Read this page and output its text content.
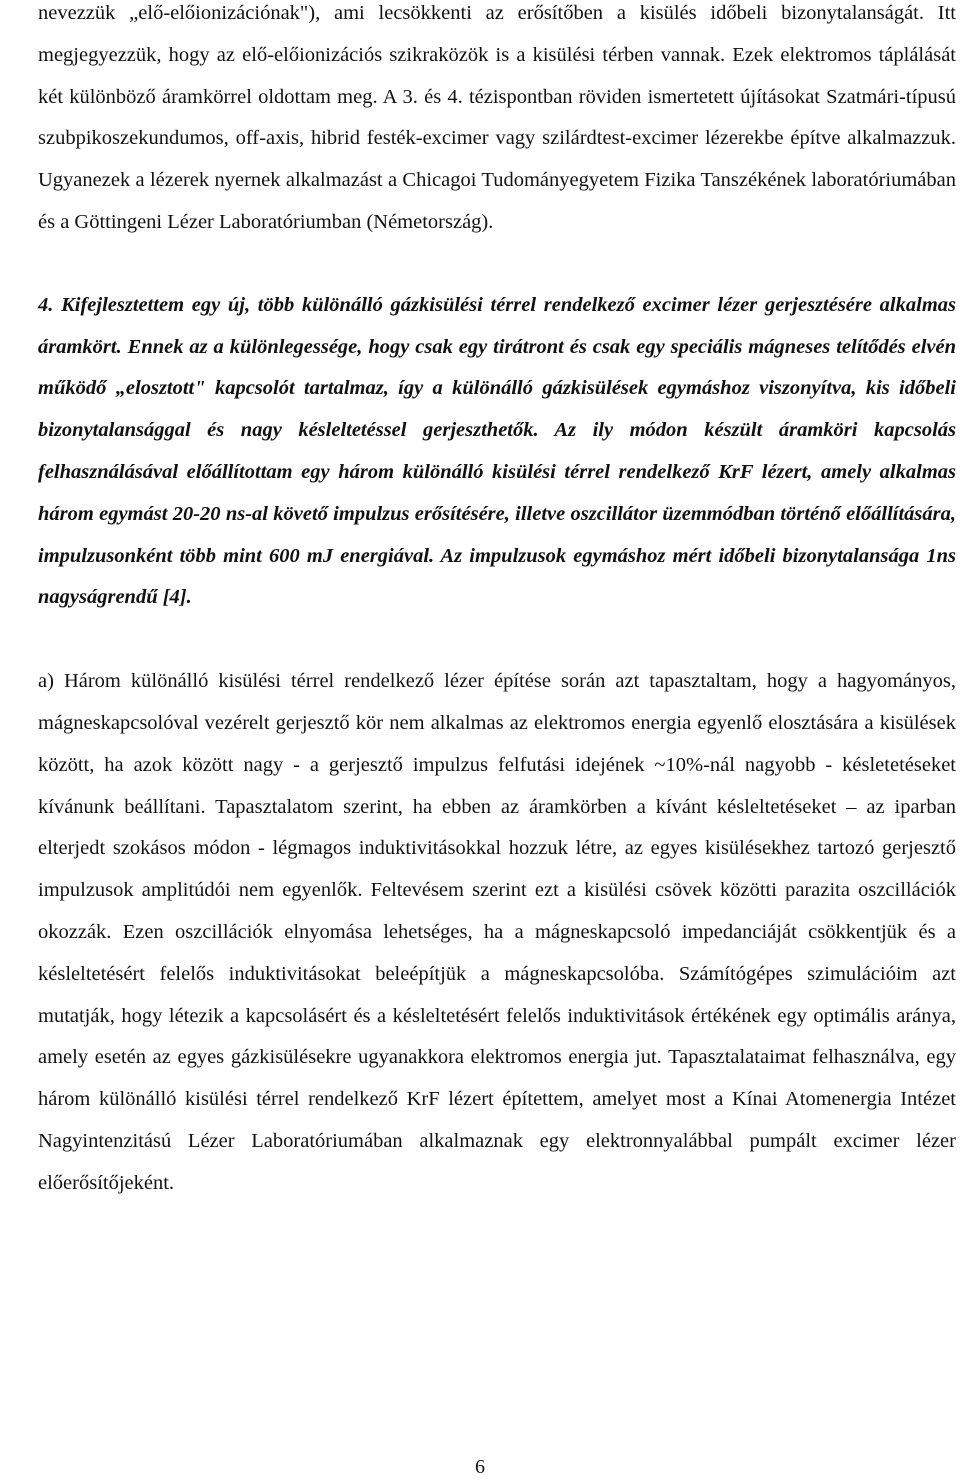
nevezzük „elő-előionizációnak"), ami lecsökkenti az erősítőben a kisülés időbeli bizonytalanságát. Itt megjegyezzük, hogy az elő-előionizációs szikraközök is a kisülési térben vannak. Ezek elektromos táplálását két különböző áramkörrel oldottam meg. A 3. és 4. tézispontban röviden ismertetett újításokat Szatmári-típusú szubpikoszekundumos, off-axis, hibrid festék-excimer vagy szilárdtest-excimer lézerekbe építve alkalmazzuk. Ugyanezek a lézerek nyernek alkalmazást a Chicagoi Tudományegyetem Fizika Tanszékének laboratóriumában és a Göttingeni Lézer Laboratóriumban (Németország).

4. Kifejlesztettem egy új, több különálló gázkisülési térrel rendelkező excimer lézer gerjesztésére alkalmas áramkört. Ennek az a különlegessége, hogy csak egy tirátront és csak egy speciális mágneses telítődés elvén működő „elosztott" kapcsolót tartalmaz, így a különálló gázkisülések egymáshoz viszonyítva, kis időbeli bizonytalansággal és nagy késleltetéssel gerjeszthetők. Az ily módon készült áramköri kapcsolás felhasználásával előállítottam egy három különálló kisülési térrel rendelkező KrF lézert, amely alkalmas három egymást 20-20 ns-al követő impulzus erősítésére, illetve oszcillátor üzemmódban történő előállítására, impulzusonként több mint 600 mJ energiával. Az impulzusok egymáshoz mért időbeli bizonytalansága 1ns nagyságrendű [4].

a) Három különálló kisülési térrel rendelkező lézer építése során azt tapasztaltam, hogy a hagyományos, mágneskapcsolóval vezérelt gerjesztő kör nem alkalmas az elektromos energia egyenlő elosztására a kisülések között, ha azok között nagy - a gerjesztő impulzus felfutási idejének ~10%-nál nagyobb - késletetéseket kívánunk beállítani. Tapasztalatom szerint, ha ebben az áramkörben a kívánt késleltetéseket – az iparban elterjedt szokásos módon - légmagos induktivitásokkal hozzuk létre, az egyes kisülésekhez tartozó gerjesztő impulzusok amplitúdói nem egyenlők. Feltevésem szerint ezt a kisülési csövek közötti parazita oszcillációk okozzák. Ezen oszcillációk elnyomása lehetséges, ha a mágneskapcsoló impedanciáját csökkentjük és a késleltetésért felelős induktivitásokat beleépítjük a mágneskapcsolóba. Számítógépes szimulációim azt mutatják, hogy létezik a kapcsolásért és a késleltetésért felelős induktivitások értékének egy optimális aránya, amely esetén az egyes gázkisülésekre ugyanakkora elektromos energia jut. Tapasztalataimat felhasználva, egy három különálló kisülési térrel rendelkező KrF lézert építettem, amelyet most a Kínai Atomenergia Intézet Nagyintenzitású Lézer Laboratóriumában alkalmaznak egy elektronnyalábbal pumpált excimer lézer előerősítőjeként.

6
